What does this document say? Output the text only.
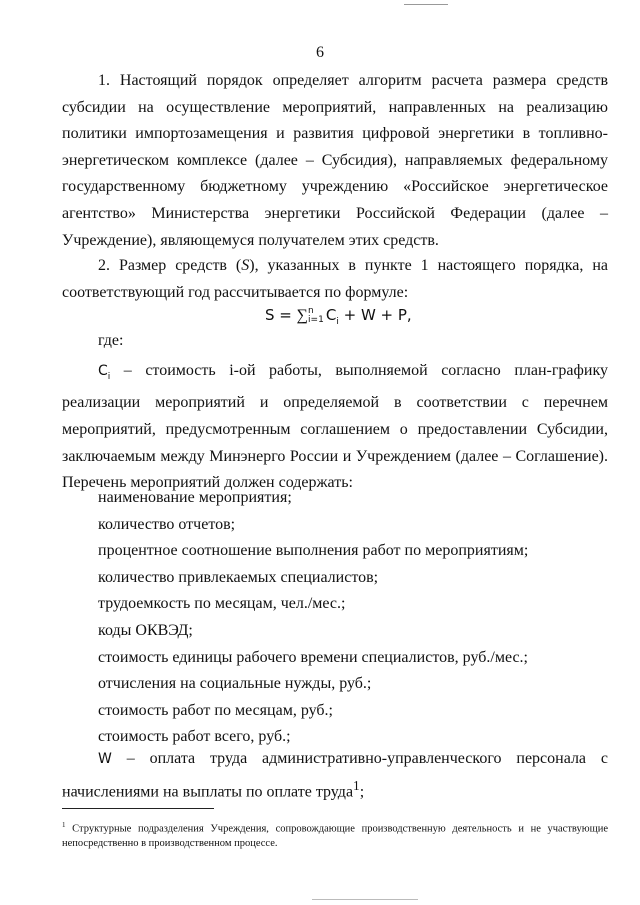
6

1. Настоящий порядок определяет алгоритм расчета размера средств субсидии на осуществление мероприятий, направленных на реализацию политики импортозамещения и развития цифровой энергетики в топливно-энергетическом комплексе (далее – Субсидия), направляемых федеральному государственному бюджетному учреждению «Российское энергетическое агентство» Министерства энергетики Российской Федерации (далее – Учреждение), являющемуся получателем этих средств.

2. Размер средств (S), указанных в пункте 1 настоящего порядка, на соответствующий год рассчитывается по формуле:

S = ∑n
i=1 $C_i + W + P$,
где:

$C_i$ – стоимость i-ой работы, выполняемой согласно план-графику реализации мероприятий и определяемой в соответствии с перечнем мероприятий, предусмотренным соглашением о предоставлении Субсидии, заключаемым между Минэнерго России и Учреждением (далее – Соглашение). Перечень мероприятий должен содержать:

наименование мероприятия;
количество отчетов;
процентное соотношение выполнения работ по мероприятиям;
количество привлекаемых специалистов;
трудоемкость по месяцам, чел./мес.;
коды ОКВЭД;
стоимость единицы рабочего времени специалистов, руб./мес.;
отчисления на социальные нужды, руб.;
стоимость работ по месяцам, руб.;
стоимость работ всего, руб.;

W – оплата труда административно-управленческого персонала с начислениями на выплаты по оплате труда$^1$;

$^1$ Структурные подразделения Учреждения, сопровождающие производственную деятельность и не участвующие непосредственно в производственном процессе.
